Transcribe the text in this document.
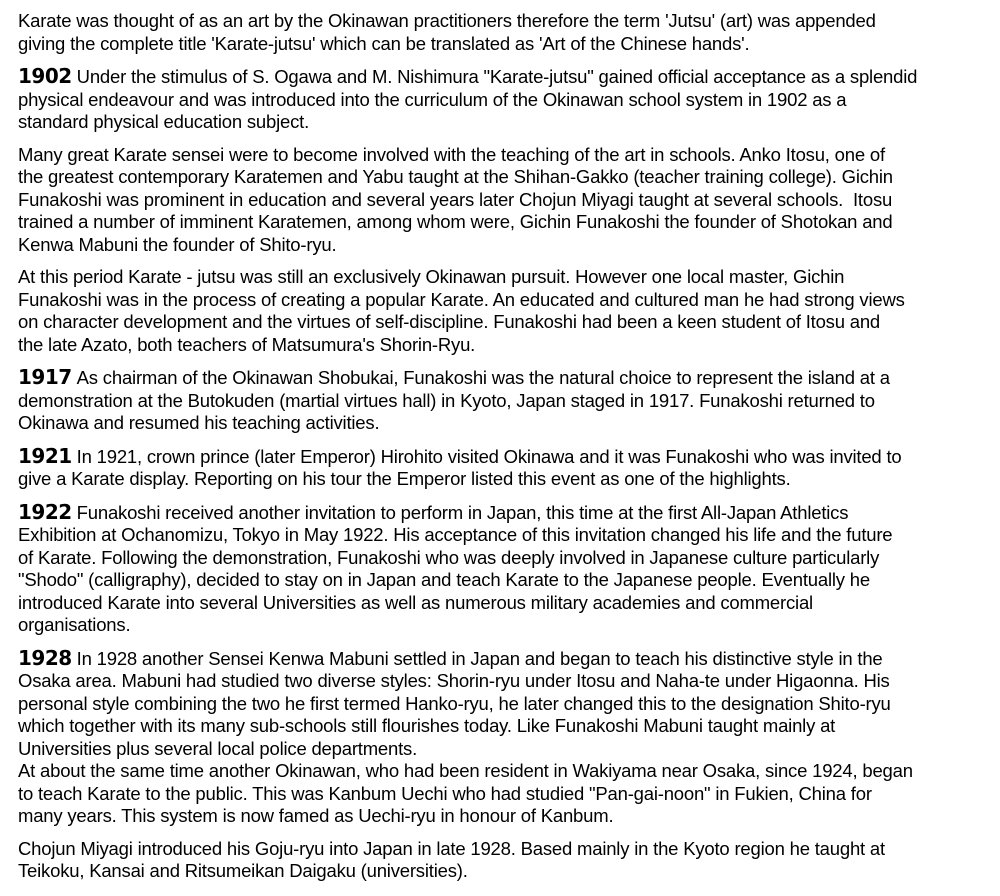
Karate was thought of as an art by the Okinawan practitioners therefore the term 'Jutsu' (art) was appended
giving the complete title 'Karate-jutsu' which can be translated as 'Art of the Chinese hands'.
1902 Under the stimulus of S. Ogawa and M. Nishimura "Karate-jutsu" gained official acceptance as a splendid
physical endeavour and was introduced into the curriculum of the Okinawan school system in 1902 as a
standard physical education subject.
Many great Karate sensei were to become involved with the teaching of the art in schools. Anko Itosu, one of
the greatest contemporary Karatemen and Yabu taught at the Shihan-Gakko (teacher training college). Gichin
Funakoshi was prominent in education and several years later Chojun Miyagi taught at several schools.  Itosu
trained a number of imminent Karatemen, among whom were, Gichin Funakoshi the founder of Shotokan and
Kenwa Mabuni the founder of Shito-ryu.
At this period Karate - jutsu was still an exclusively Okinawan pursuit. However one local master, Gichin
Funakoshi was in the process of creating a popular Karate. An educated and cultured man he had strong views
on character development and the virtues of self-discipline. Funakoshi had been a keen student of Itosu and
the late Azato, both teachers of Matsumura's Shorin-Ryu.
1917 As chairman of the Okinawan Shobukai, Funakoshi was the natural choice to represent the island at a
demonstration at the Butokuden (martial virtues hall) in Kyoto, Japan staged in 1917. Funakoshi returned to
Okinawa and resumed his teaching activities.
1921 In 1921, crown prince (later Emperor) Hirohito visited Okinawa and it was Funakoshi who was invited to
give a Karate display. Reporting on his tour the Emperor listed this event as one of the highlights.
1922 Funakoshi received another invitation to perform in Japan, this time at the first All-Japan Athletics
Exhibition at Ochanomizu, Tokyo in May 1922. His acceptance of this invitation changed his life and the future
of Karate. Following the demonstration, Funakoshi who was deeply involved in Japanese culture particularly
"Shodo" (calligraphy), decided to stay on in Japan and teach Karate to the Japanese people. Eventually he
introduced Karate into several Universities as well as numerous military academies and commercial
organisations.
1928 In 1928 another Sensei Kenwa Mabuni settled in Japan and began to teach his distinctive style in the
Osaka area. Mabuni had studied two diverse styles: Shorin-ryu under Itosu and Naha-te under Higaonna. His
personal style combining the two he first termed Hanko-ryu, he later changed this to the designation Shito-ryu
which together with its many sub-schools still flourishes today. Like Funakoshi Mabuni taught mainly at
Universities plus several local police departments.
At about the same time another Okinawan, who had been resident in Wakiyama near Osaka, since 1924, began
to teach Karate to the public. This was Kanbum Uechi who had studied "Pan-gai-noon" in Fukien, China for
many years. This system is now famed as Uechi-ryu in honour of Kanbum.
Chojun Miyagi introduced his Goju-ryu into Japan in late 1928. Based mainly in the Kyoto region he taught at
Teikoku, Kansai and Ritsumeikan Daigaku (universities).
